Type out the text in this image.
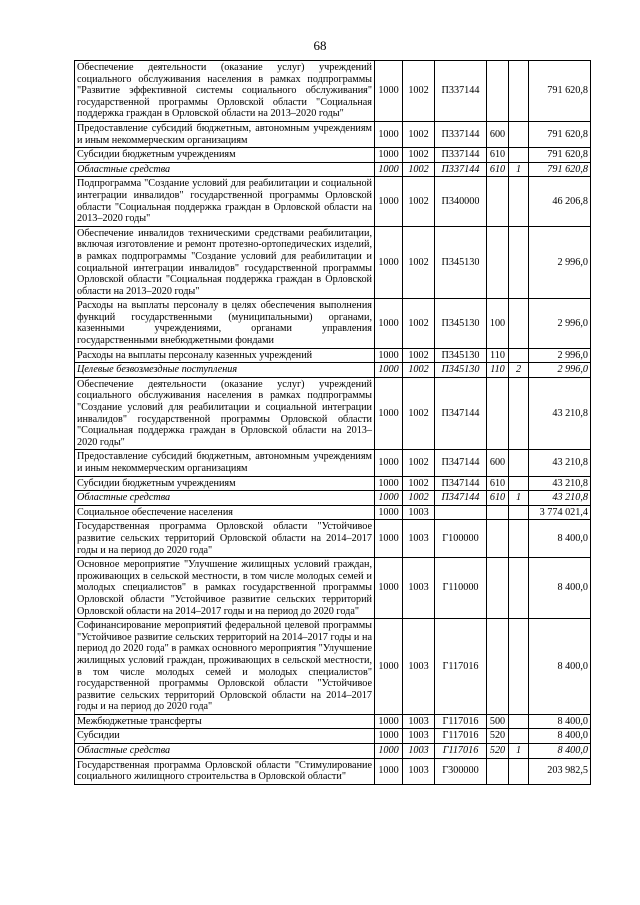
68
Обеспечение деятельности (оказание услуг) учреждений социального обслуживания населения в рамках подпрограммы "Развитие эффективной системы социального обслуживания" государственной программы Орловской области "Социальная поддержка граждан в Орловской области на 2013–2020 годы"	1000	1002	П337144			791 620,8
Предоставление субсидий бюджетным, автономным учреждениям и иным некоммерческим организациям	1000	1002	П337144	600		791 620,8
Субсидии бюджетным учреждениям	1000	1002	П337144	610		791 620,8
Областные средства	1000	1002	П337144	610	1	791 620,8
Подпрограмма "Создание условий для реабилитации и социальной интеграции инвалидов" государственной программы Орловской области "Социальная поддержка граждан в Орловской области на 2013–2020 годы"	1000	1002	П340000			46 206,8
Обеспечение инвалидов техническими средствами реабилитации, включая изготовление и ремонт протезно-ортопедических изделий, в рамках подпрограммы "Создание условий для реабилитации и социальной интеграции инвалидов" государственной программы Орловской области "Социальная поддержка граждан в Орловской области на 2013–2020 годы"	1000	1002	П345130			2 996,0
Расходы на выплаты персоналу в целях обеспечения выполнения функций государственными (муниципальными) органами, казенными учреждениями, органами управления государственными внебюджетными фондами	1000	1002	П345130	100		2 996,0
Расходы на выплаты персоналу казенных учреждений	1000	1002	П345130	110		2 996,0
Целевые безвозмездные поступления	1000	1002	П345130	110	2	2 996,0
Обеспечение деятельности (оказание услуг) учреждений социального обслуживания населения в рамках подпрограммы "Создание условий для реабилитации и социальной интеграции инвалидов" государственной программы Орловской области "Социальная поддержка граждан в Орловской области на 2013–2020 годы"	1000	1002	П347144			43 210,8
Предоставление субсидий бюджетным, автономным учреждениям и иным некоммерческим организациям	1000	1002	П347144	600		43 210,8
Субсидии бюджетным учреждениям	1000	1002	П347144	610		43 210,8
Областные средства	1000	1002	П347144	610	1	43 210,8
Социальное обеспечение населения	1000	1003				3 774 021,4
Государственная программа Орловской области "Устойчивое развитие сельских территорий Орловской области на 2014–2017 годы и на период до 2020 года"	1000	1003	Г100000			8 400,0
Основное мероприятие "Улучшение жилищных условий граждан, проживающих в сельской местности, в том числе молодых семей и молодых специалистов" в рамках государственной программы Орловской области "Устойчивое развитие сельских территорий Орловской области на 2014–2017 годы и на период до 2020 года"	1000	1003	Г110000			8 400,0
Софинансирование мероприятий федеральной целевой программы "Устойчивое развитие сельских территорий на 2014–2017 годы и на период до 2020 года" в рамках основного мероприятия "Улучшение жилищных условий граждан, проживающих в сельской местности, в том числе молодых семей и молодых специалистов" государственной программы Орловской области "Устойчивое развитие сельских территорий Орловской области на 2014–2017 годы и на период до 2020 года"	1000	1003	Г117016			8 400,0
Межбюджетные трансферты	1000	1003	Г117016	500		8 400,0
Субсидии	1000	1003	Г117016	520		8 400,0
Областные средства	1000	1003	Г117016	520	1	8 400,0
Государственная программа Орловской области "Стимулирование социального жилищного строительства в Орловской области"	1000	1003	Г300000			203 982,5
